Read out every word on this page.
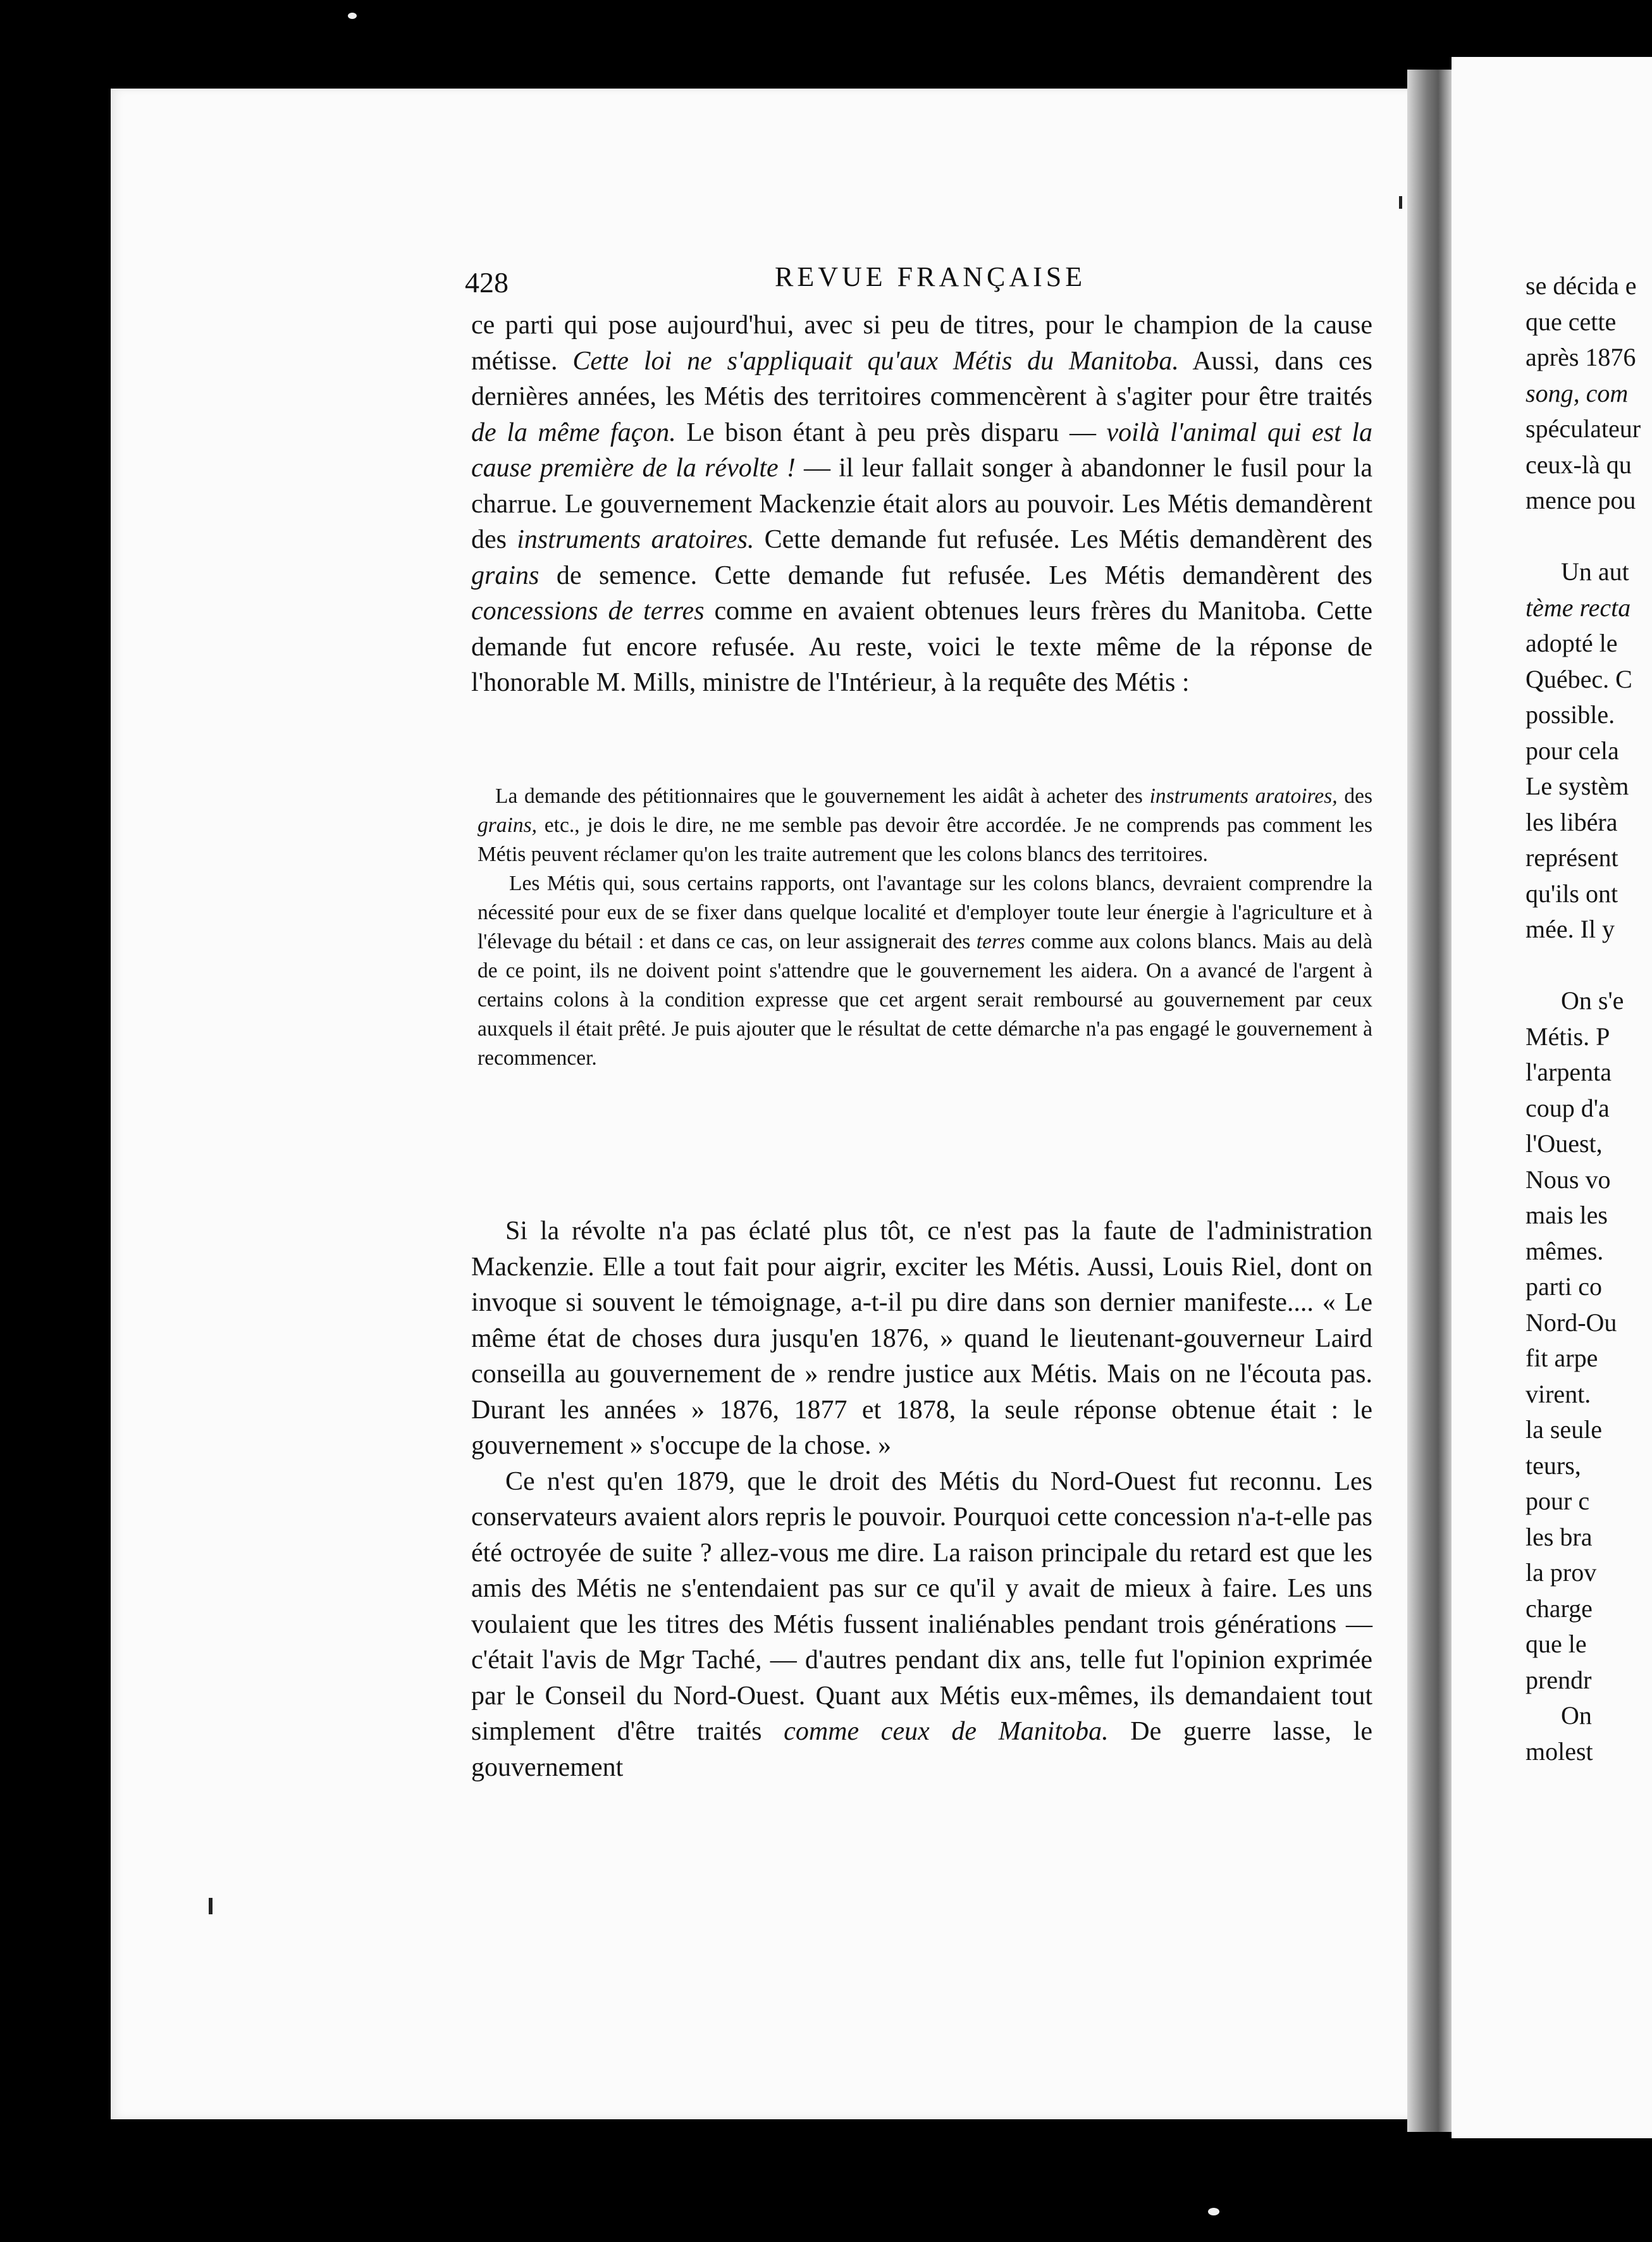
428	REVUE FRANÇAISE

ce parti qui pose aujourd'hui, avec si peu de titres, pour le champion de la cause métisse. Cette loi ne s'appliquait qu'aux Métis du Manitoba. Aussi, dans ces dernières années, les Métis des territoires commencèrent à s'agiter pour être traités de la même façon. Le bison étant à peu près disparu — voilà l'animal qui est la cause première de la révolte ! — il leur fallait songer à abandonner le fusil pour la charrue. Le gouvernement Mackenzie était alors au pouvoir. Les Métis demandèrent des instruments aratoires. Cette demande fut refusée. Les Métis demandèrent des grains de semence. Cette demande fut refusée. Les Métis demandèrent des concessions de terres comme en avaient obtenues leurs frères du Manitoba. Cette demande fut encore refusée. Au reste, voici le texte même de la réponse de l'honorable M. Mills, ministre de l'Intérieur, à la requête des Métis :

La demande des pétitionnaires que le gouvernement les aidât à acheter des instruments aratoires, des grains, etc., je dois le dire, ne me semble pas devoir être accordée. Je ne comprends pas comment les Métis peuvent réclamer qu'on les traite autrement que les colons blancs des territoires.

Les Métis qui, sous certains rapports, ont l'avantage sur les colons blancs, devraient comprendre la nécessité pour eux de se fixer dans quelque localité et d'employer toute leur énergie à l'agriculture et à l'élevage du bétail : et dans ce cas, on leur assignerait des terres comme aux colons blancs. Mais au delà de ce point, ils ne doivent point s'attendre que le gouvernement les aidera. On a avancé de l'argent à certains colons à la condition expresse que cet argent serait remboursé au gouvernement par ceux auxquels il était prêté. Je puis ajouter que le résultat de cette démarche n'a pas engagé le gouvernement à recommencer.

Si la révolte n'a pas éclaté plus tôt, ce n'est pas la faute de l'administration Mackenzie. Elle a tout fait pour aigrir, exciter les Métis. Aussi, Louis Riel, dont on invoque si souvent le témoignage, a-t-il pu dire dans son dernier manifeste.... « Le même état de choses dura jusqu'en 1876, » quand le lieutenant-gouverneur Laird conseilla au gouvernement de » rendre justice aux Métis. Mais on ne l'écouta pas. Durant les années » 1876, 1877 et 1878, la seule réponse obtenue était : le gouvernement » s'occupe de la chose. »

Ce n'est qu'en 1879, que le droit des Métis du Nord-Ouest fut reconnu. Les conservateurs avaient alors repris le pouvoir. Pourquoi cette concession n'a-t-elle pas été octroyée de suite ? allez-vous me dire. La raison principale du retard est que les amis des Métis ne s'entendaient pas sur ce qu'il y avait de mieux à faire. Les uns voulaient que les titres des Métis fussent inaliénables pendant trois générations — c'était l'avis de Mgr Taché, — d'autres pendant dix ans, telle fut l'opinion exprimée par le Conseil du Nord-Ouest. Quant aux Métis eux-mêmes, ils demandaient tout simplement d'être traités comme ceux de Manitoba. De guerre lasse, le gouvernement

se décida e
que cette
après 1876
song, com
spéculateur
ceux-là qu
mence pou

Un aut
tème recta
adopté le
Québec. C
possible.
pour cela
Le systèm
les libéra
représent
qu'ils ont
mée. Il y

On s'e
Métis. P
l'arpenta
coup d'a
l'Ouest,
Nous vo
mais les
mêmes.
parti co
Nord-Ou
fit arpe
virent.
la seule
teurs,
pour c
les bra
la prov
charge
que le
prendr
On
molest
